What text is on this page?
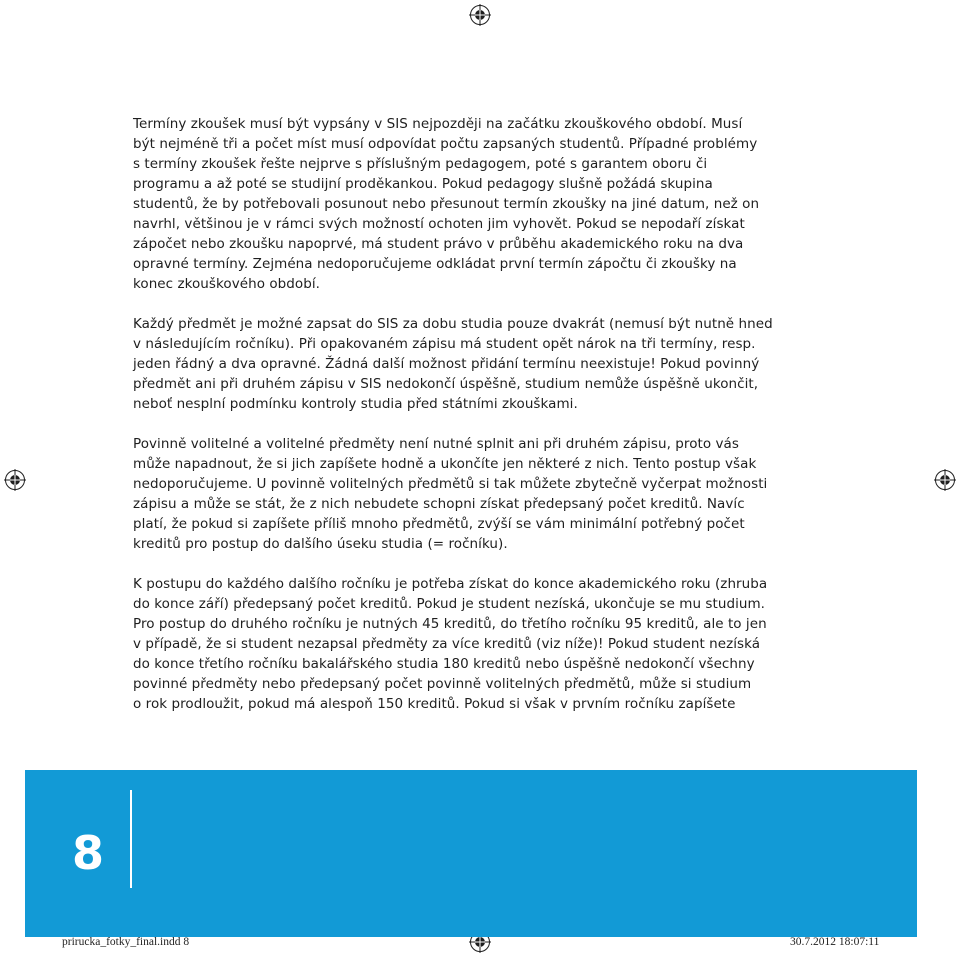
Termíny zkoušek musí být vypsány v SIS nejpozději na začátku zkouškového období. Musí
být nejméně tři a počet míst musí odpovídat počtu zapsaných studentů. Případné problémy
s termíny zkoušek řešte nejprve s příslušným pedagogem, poté s garantem oboru či
programu a až poté se studijní proděkankou. Pokud pedagogy slušně požádá skupina
studentů, že by potřebovali posunout nebo přesunout termín zkoušky na jiné datum, než on
navrhl, většinou je v rámci svých možností ochoten jim vyhovět. Pokud se nepodaří získat
zápočet nebo zkoušku napoprvé, má student právo v průběhu akademického roku na dva
opravné termíny. Zejména nedoporučujeme odkládat první termín zápočtu či zkoušky na
konec zkouškového období.

Každý předmět je možné zapsat do SIS za dobu studia pouze dvakrát (nemusí být nutně hned
v následujícím ročníku). Při opakovaném zápisu má student opět nárok na tři termíny, resp.
jeden řádný a dva opravné. Žádná další možnost přidání termínu neexistuje! Pokud povinný
předmět ani při druhém zápisu v SIS nedokončí úspěšně, studium nemůže úspěšně ukončit,
neboť nesplní podmínku kontroly studia před státními zkouškami.

Povinně volitelné a volitelné předměty není nutné splnit ani při druhém zápisu, proto vás
může napadnout, že si jich zapíšete hodně a ukončíte jen některé z nich. Tento postup však
nedoporučujeme. U povinně volitelných předmětů si tak můžete zbytečně vyčerpat možnosti
zápisu a může se stát, že z nich nebudete schopni získat předepsaný počet kreditů. Navíc
platí, že pokud si zapíšete příliš mnoho předmětů, zvýší se vám minimální potřebný počet
kreditů pro postup do dalšího úseku studia (= ročníku).

K postupu do každého dalšího ročníku je potřeba získat do konce akademického roku (zhruba
do konce září) předepsaný počet kreditů. Pokud je student nezíská, ukončuje se mu studium.
Pro postup do druhého ročníku je nutných 45 kreditů, do třetího ročníku 95 kreditů, ale to jen
v případě, že si student nezapsal předměty za více kreditů (viz níže)! Pokud student nezíská
do konce třetího ročníku bakalářského studia 180 kreditů nebo úspěšně nedokončí všechny
povinné předměty nebo předepsaný počet povinně volitelných předmětů, může si studium
o rok prodloužit, pokud má alespoň 150 kreditů. Pokud si však v prvním ročníku zapíšete

8
prirucka_fotky_final.indd 8	30.7.2012 18:07:11
